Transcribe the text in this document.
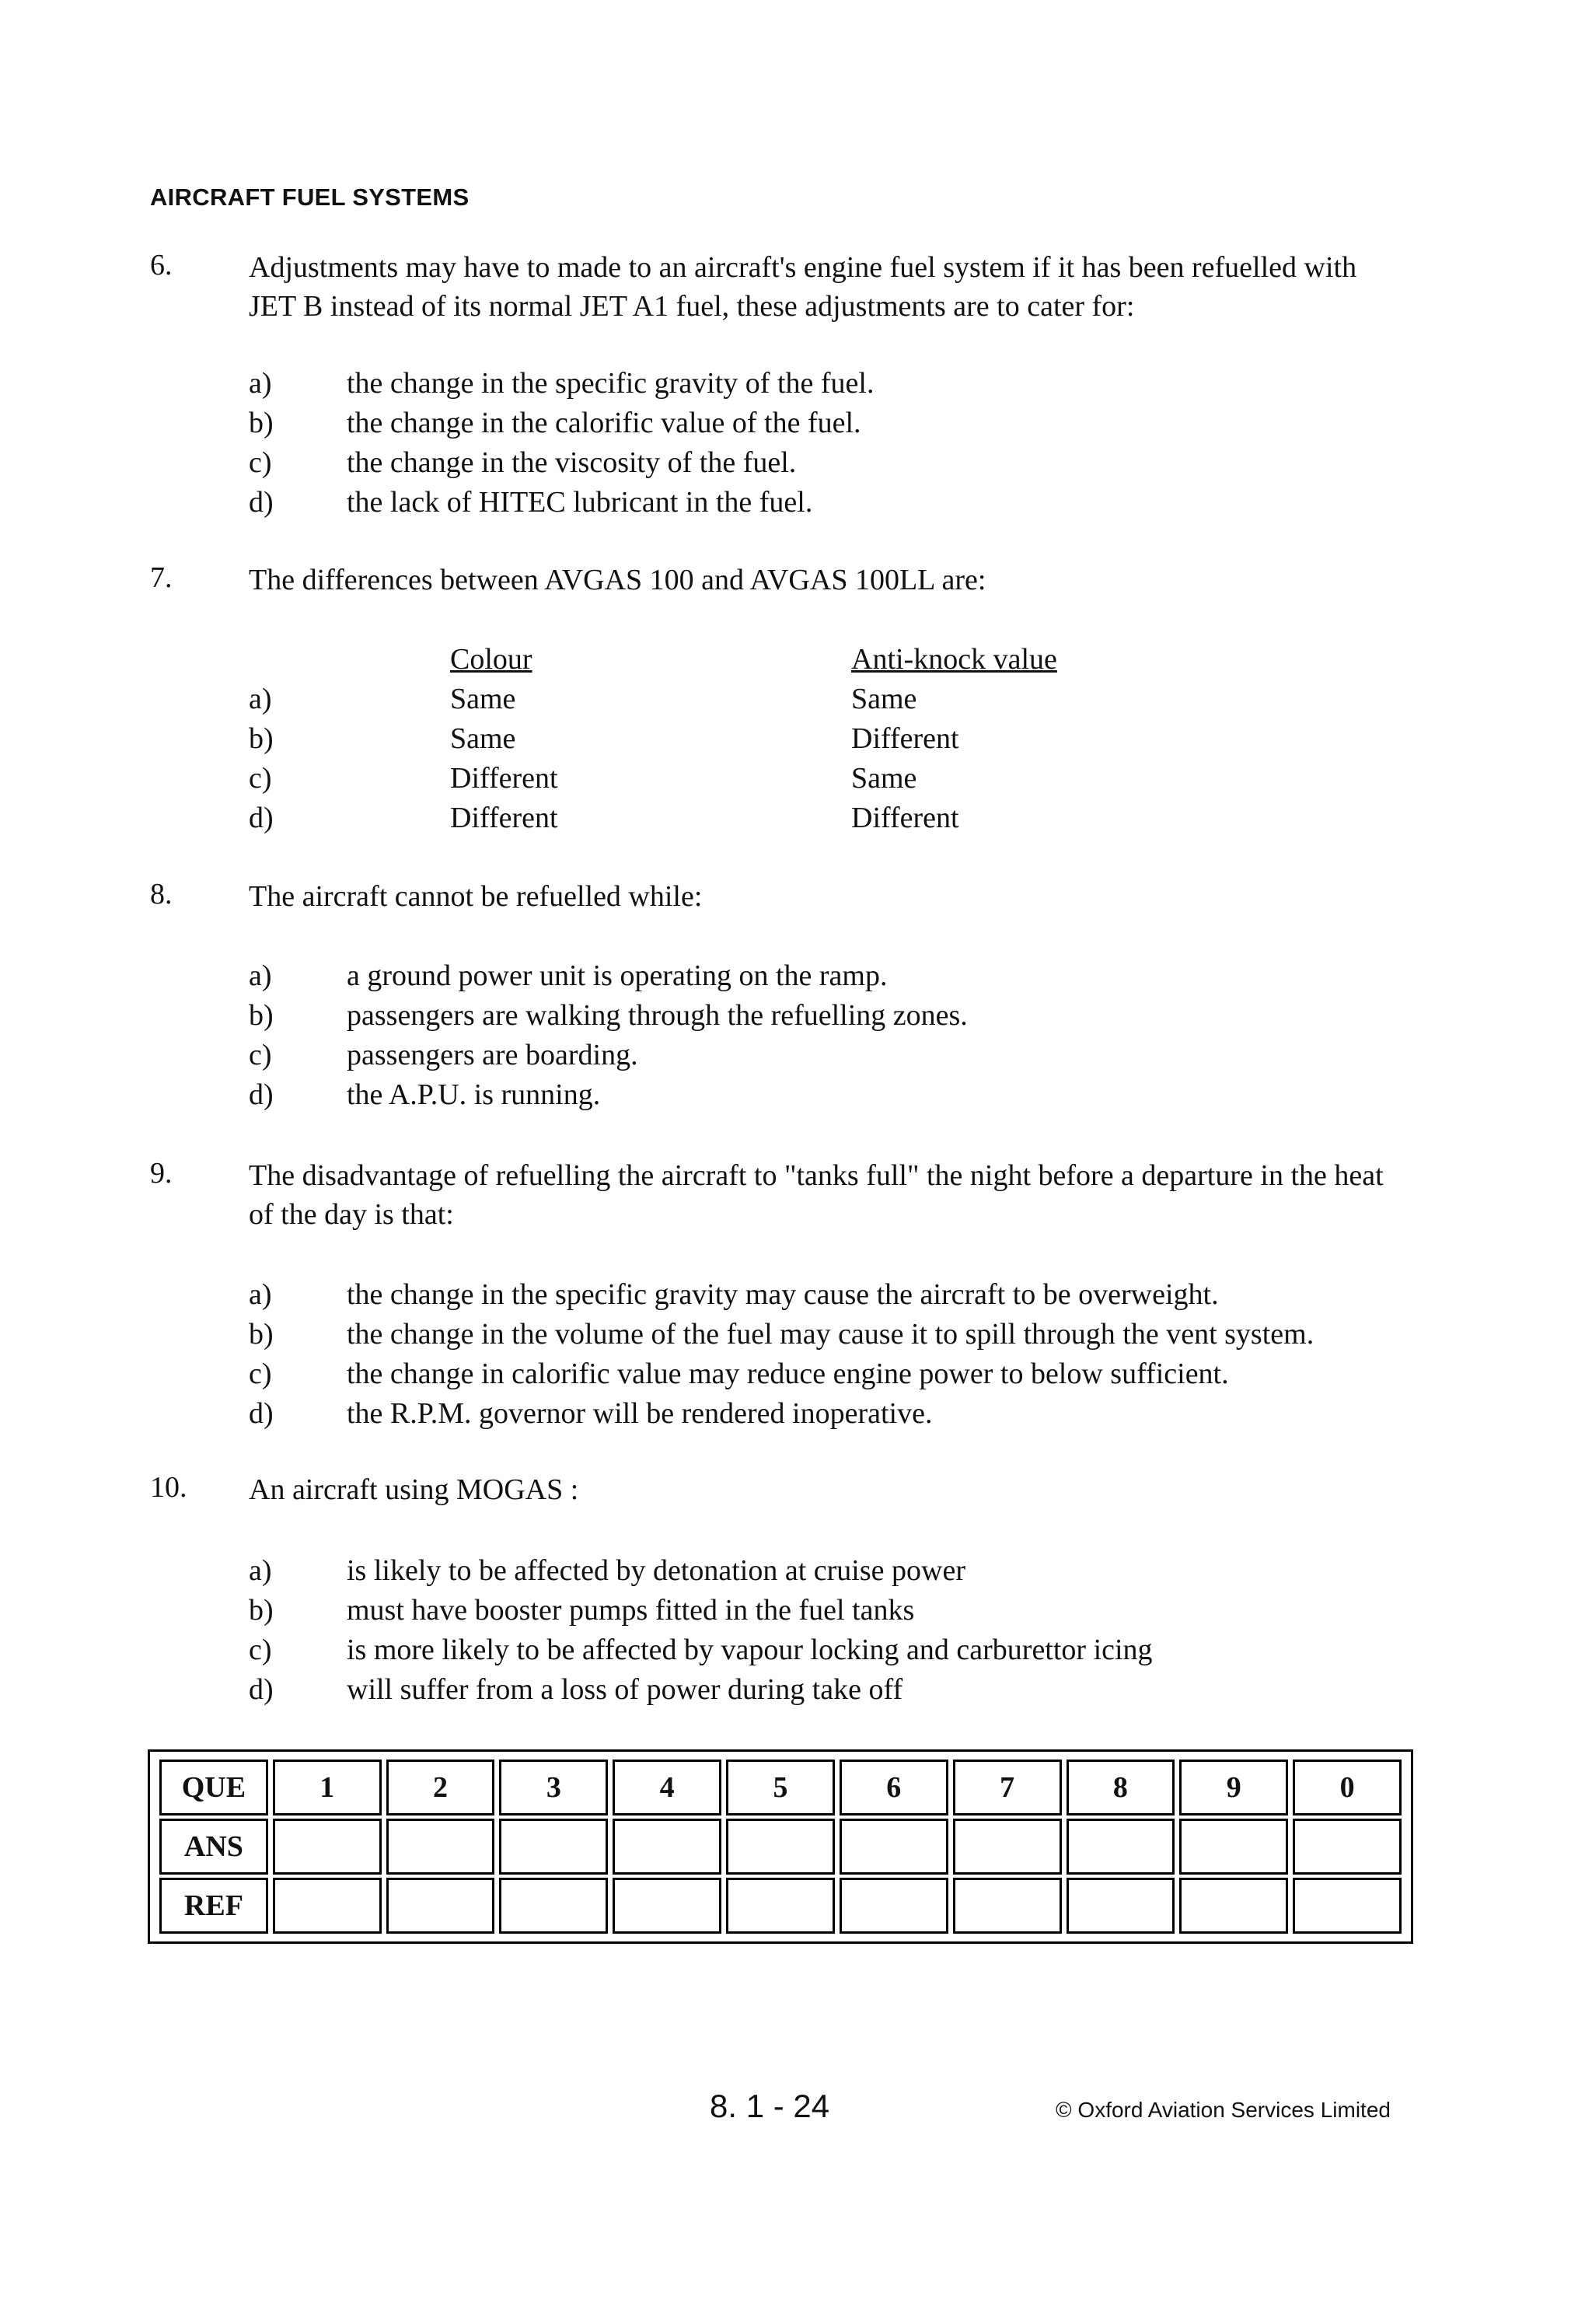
AIRCRAFT FUEL SYSTEMS
6.	Adjustments may have to made to an aircraft's engine fuel system if it has been refuelled with
JET B instead of its normal JET A1 fuel, these adjustments are to cater for:
a)	the change in the specific gravity of the fuel.
b) the change in the calorific value of the fuel.
c)	the change in the viscosity of the fuel.
d) the lack of HITEC lubricant in the fuel.
7.	The differences between AVGAS 100 and AVGAS 100LL are:
Colour	Anti-knock value
a)	Same	Same
b)	Same	Different
c)	Different	Same
d)	Different	Different
8.	The aircraft cannot be refuelled while:
a)	a ground power unit is operating on the ramp.
b) passengers are walking through the refuelling zones.
c)	passengers are boarding.
d) the A.P.U. is running.
9.	The disadvantage of refuelling the aircraft to "tanks full" the night before a departure in the heat
of the day is that:
a)	the change in the specific gravity may cause the aircraft to be overweight.
b) the change in the volume of the fuel may cause it to spill through the vent system.
c)	the change in calorific value may reduce engine power to below sufficient.
d) the R.P.M. governor will be rendered inoperative.
10. An aircraft using MOGAS :
a)	is likely to be affected by detonation at cruise power
b) must have booster pumps fitted in the fuel tanks
c)	is more likely to be affected by vapour locking and carburettor icing
d) will suffer from a loss of power during take off
QUE	1	2	3	4	5	6	7	8	9	0
ANS										
REF										
8. 1 - 24	© Oxford Aviation Services Limited
